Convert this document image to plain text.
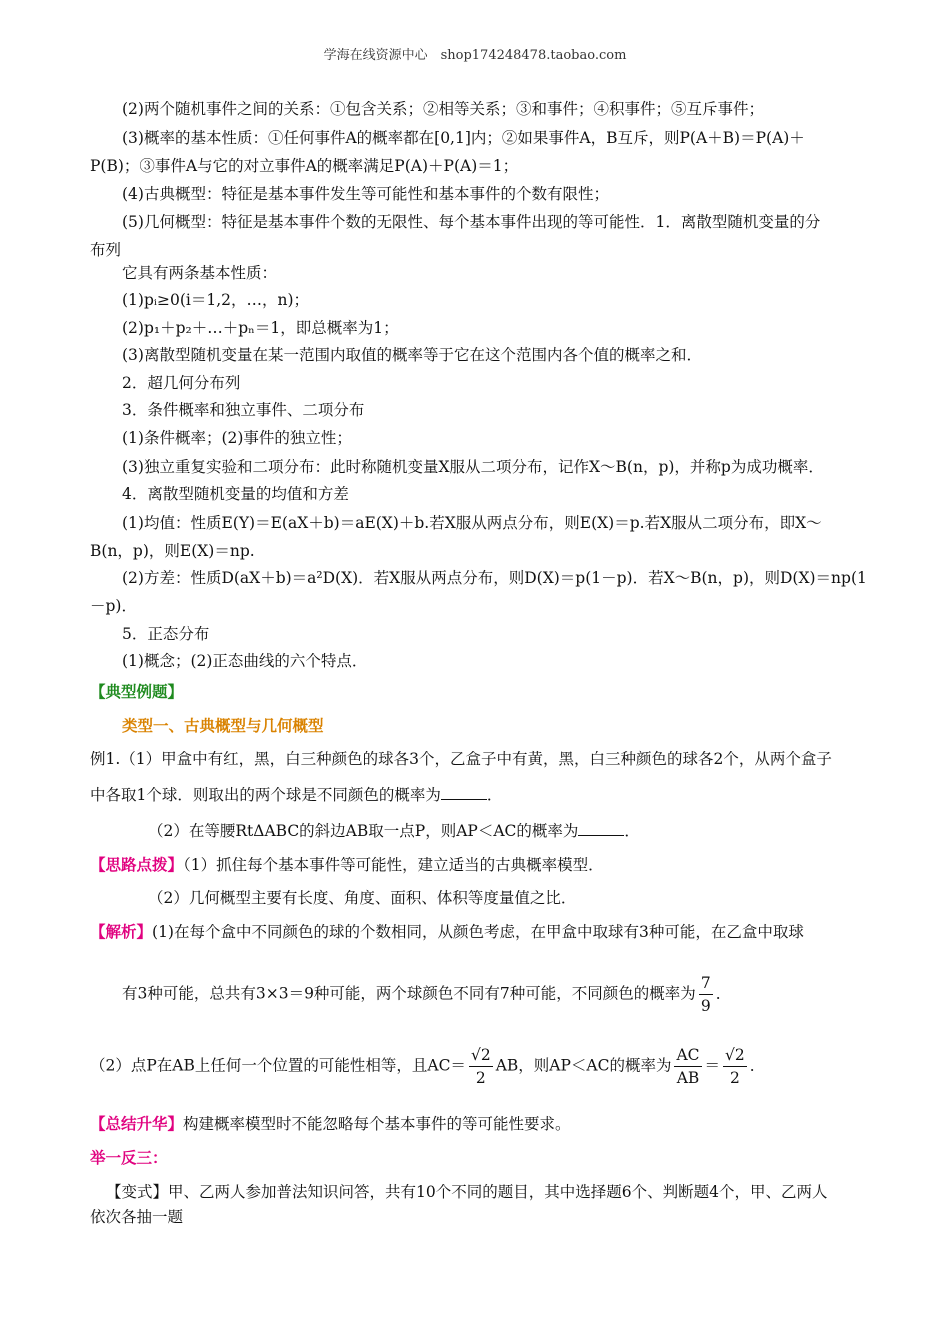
学海在线资源中心　shop174248478.taobao.com
(2)两个随机事件之间的关系：①包含关系；②相等关系；③和事件；④积事件；⑤互斥事件；
(3)概率的基本性质：①任何事件A的概率都在[0,1]内；②如果事件A，B互斥，则P(A＋B)＝P(A)＋
P(B)；③事件A与它的对立事件A的概率满足P(A)＋P(A)＝1；
(4)古典概型：特征是基本事件发生等可能性和基本事件的个数有限性；
(5)几何概型：特征是基本事件个数的无限性、每个基本事件出现的等可能性．1．离散型随机变量的分
布列
它具有两条基本性质：
(1)pᵢ≥0(i＝1,2，…，n)；
(2)p₁＋p₂＋…＋pₙ＝1，即总概率为1；
(3)离散型随机变量在某一范围内取值的概率等于它在这个范围内各个值的概率之和．
2．超几何分布列
3．条件概率和独立事件、二项分布
(1)条件概率；(2)事件的独立性；
(3)独立重复实验和二项分布：此时称随机变量X服从二项分布，记作X～B(n，p)，并称p为成功概率．
4．离散型随机变量的均值和方差
(1)均值：性质E(Y)＝E(aX＋b)＝aE(X)＋b.若X服从两点分布，则E(X)＝p.若X服从二项分布，即X～
B(n，p)，则E(X)＝np.
(2)方差：性质D(aX＋b)＝a²D(X)．若X服从两点分布，则D(X)＝p(1－p)．若X～B(n，p)，则D(X)＝np(1
－p)．
5．正态分布
(1)概念；(2)正态曲线的六个特点．
【典型例题】
类型一、古典概型与几何概型
例1.（1）甲盒中有红，黑，白三种颜色的球各3个，乙盒子中有黄，黑，白三种颜色的球各2个，从两个盒子
中各取1个球．则取出的两个球是不同颜色的概率为	．
（2）在等腰RtΔABC的斜边AB取一点P，则AP＜AC的概率为	．
【思路点拨】（1）抓住每个基本事件等可能性，建立适当的古典概率模型．
（2）几何概型主要有长度、角度、面积、体积等度量值之比．
【解析】(1)在每个盒中不同颜色的球的个数相同，从颜色考虑，在甲盒中取球有3种可能，在乙盒中取球
有3种可能，总共有3×3＝9种可能，两个球颜色不同有7种可能，不同颜色的概率为 $\frac{7}{9}$ ．
（2）点P在AB上任何一个位置的可能性相等，且$AC= \frac{√2}{2}$ AB，则AP＜AC的概率为 $\frac{AC}{AB} = \frac{√2}{2}$ ．
【总结升华】构建概率模型时不能忽略每个基本事件的等可能性要求。
举一反三：
【变式】甲、乙两人参加普法知识问答，共有10个不同的题目，其中选择题6个、判断题4个，甲、乙两人
依次各抽一题
